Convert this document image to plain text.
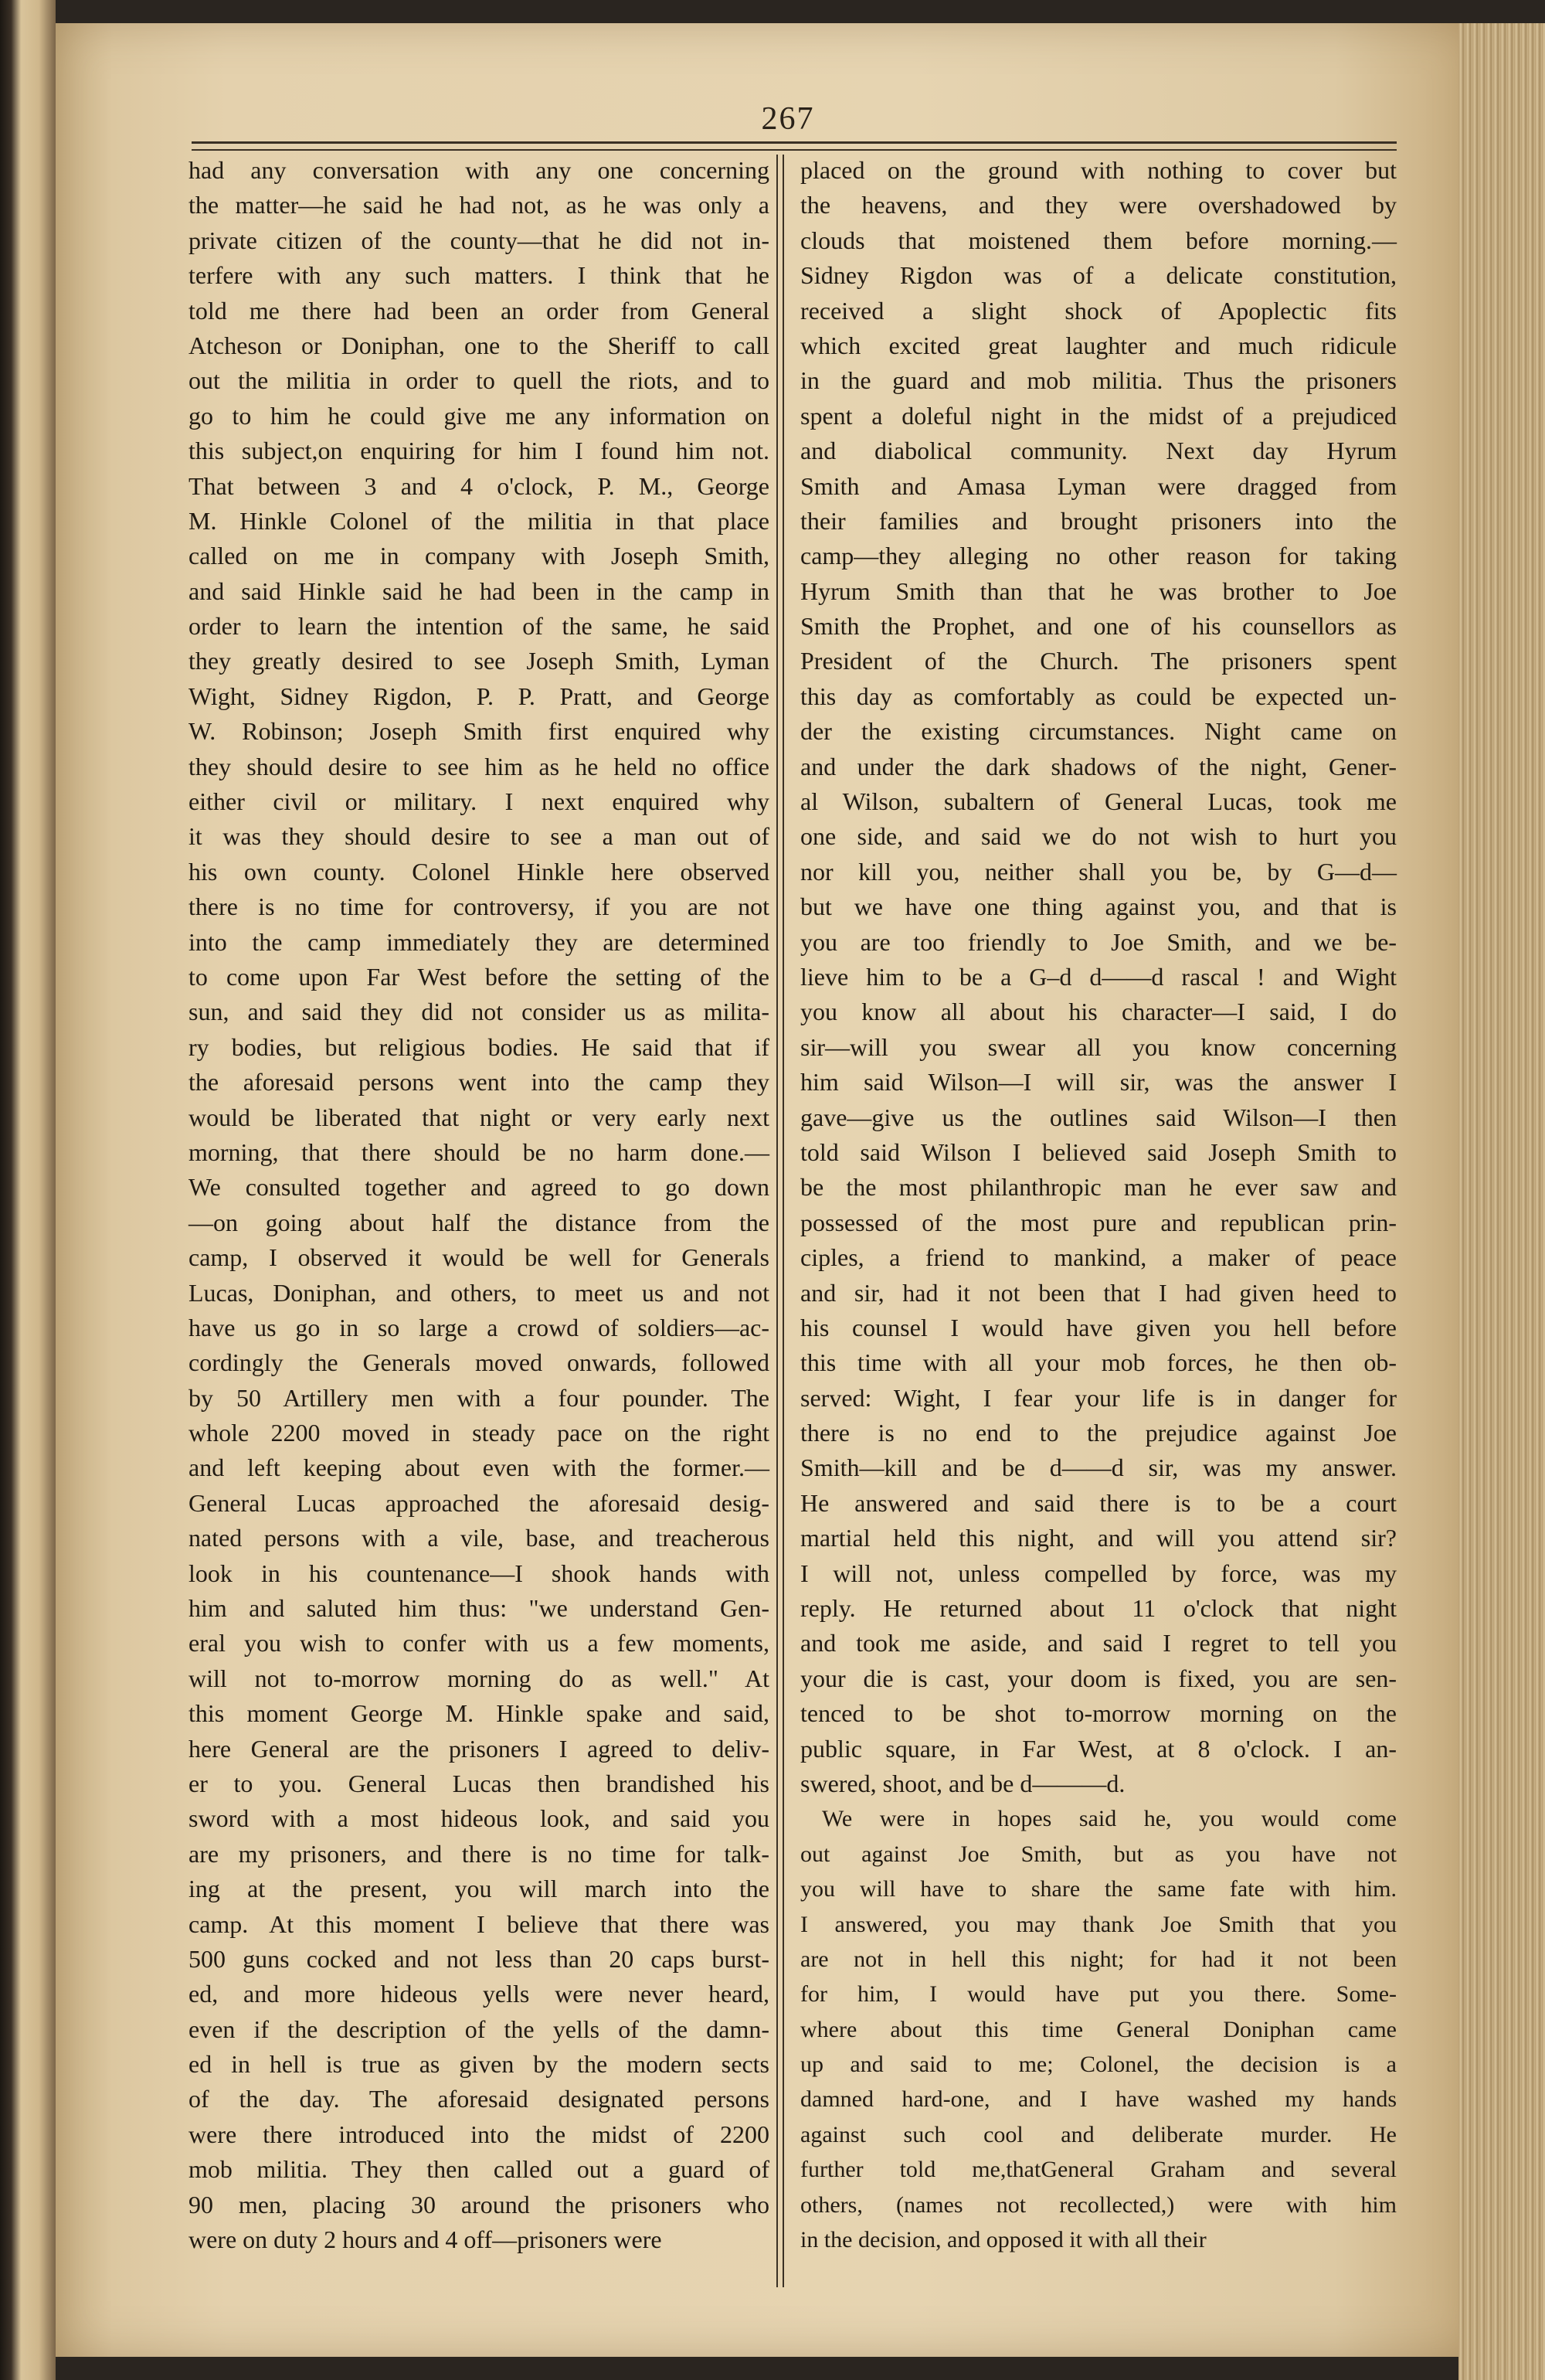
267
had any conversation with any one concerning
the matter—he said he had not, as he was only a
private citizen of the county—that he did not in-
terfere with any such matters. I think that he
told me there had been an order from General
Atcheson or Doniphan, one to the Sheriff to call
out the militia in order to quell the riots, and to
go to him he could give me any information on
this subject,on enquiring for him I found him not.
That between 3 and 4 o'clock, P. M., George
M. Hinkle Colonel of the militia in that place
called on me in company with Joseph Smith,
and said Hinkle said he had been in the camp in
order to learn the intention of the same, he said
they greatly desired to see Joseph Smith, Lyman
Wight, Sidney Rigdon, P. P. Pratt, and George
W. Robinson; Joseph Smith first enquired why
they should desire to see him as he held no office
either civil or military. I next enquired why
it was they should desire to see a man out of
his own county. Colonel Hinkle here observed
there is no time for controversy, if you are not
into the camp immediately they are determined
to come upon Far West before the setting of the
sun, and said they did not consider us as milita-
ry bodies, but religious bodies. He said that if
the aforesaid persons went into the camp they
would be liberated that night or very early next
morning, that there should be no harm done.—
We consulted together and agreed to go down
—on going about half the distance from the
camp, I observed it would be well for Generals
Lucas, Doniphan, and others, to meet us and not
have us go in so large a crowd of soldiers—ac-
cordingly the Generals moved onwards, followed
by 50 Artillery men with a four pounder. The
whole 2200 moved in steady pace on the right
and left keeping about even with the former.—
General Lucas approached the aforesaid desig-
nated persons with a vile, base, and treacherous
look in his countenance—I shook hands with
him and saluted him thus: "we understand Gen-
eral you wish to confer with us a few moments,
will not to-morrow morning do as well." At
this moment George M. Hinkle spake and said,
here General are the prisoners I agreed to deliv-
er to you. General Lucas then brandished his
sword with a most hideous look, and said you
are my prisoners, and there is no time for talk-
ing at the present, you will march into the
camp. At this moment I believe that there was
500 guns cocked and not less than 20 caps burst-
ed, and more hideous yells were never heard,
even if the description of the yells of the damn-
ed in hell is true as given by the modern sects
of the day. The aforesaid designated persons
were there introduced into the midst of 2200
mob militia. They then called out a guard of
90 men, placing 30 around the prisoners who
were on duty 2 hours and 4 off—prisoners were
placed on the ground with nothing to cover but
the heavens, and they were overshadowed by
clouds that moistened them before morning.—
Sidney Rigdon was of a delicate constitution,
received a slight shock of Apoplectic fits
which excited great laughter and much ridicule
in the guard and mob militia. Thus the prisoners
spent a doleful night in the midst of a prejudiced
and diabolical community. Next day Hyrum
Smith and Amasa Lyman were dragged from
their families and brought prisoners into the
camp—they alleging no other reason for taking
Hyrum Smith than that he was brother to Joe
Smith the Prophet, and one of his counsellors as
President of the Church. The prisoners spent
this day as comfortably as could be expected un-
der the existing circumstances. Night came on
and under the dark shadows of the night, Gener-
al Wilson, subaltern of General Lucas, took me
one side, and said we do not wish to hurt you
nor kill you, neither shall you be, by G—d—
but we have one thing against you, and that is
you are too friendly to Joe Smith, and we be-
lieve him to be a G–d d——d rascal ! and Wight
you know all about his character—I said, I do
sir—will you swear all you know concerning
him said Wilson—I will sir, was the answer I
gave—give us the outlines said Wilson—I then
told said Wilson I believed said Joseph Smith to
be the most philanthropic man he ever saw and
possessed of the most pure and republican prin-
ciples, a friend to mankind, a maker of peace
and sir, had it not been that I had given heed to
his counsel I would have given you hell before
this time with all your mob forces, he then ob-
served: Wight, I fear your life is in danger for
there is no end to the prejudice against Joe
Smith—kill and be d——d sir, was my answer.
He answered and said there is to be a court
martial held this night, and will you attend sir?
I will not, unless compelled by force, was my
reply. He returned about 11 o'clock that night
and took me aside, and said I regret to tell you
your die is cast, your doom is fixed, you are sen-
tenced to be shot to-morrow morning on the
public square, in Far West, at 8 o'clock. I an-
swered, shoot, and be d———d.
We were in hopes said he, you would come
out against Joe Smith, but as you have not
you will have to share the same fate with him.
I answered, you may thank Joe Smith that you
are not in hell this night; for had it not been
for him, I would have put you there. Some-
where about this time General Doniphan came
up and said to me; Colonel, the decision is a
damned hard-one, and I have washed my hands
against such cool and deliberate murder. He
further told me,thatGeneral Graham and several
others, (names not recollected,) were with him
in the decision, and opposed it with all their
